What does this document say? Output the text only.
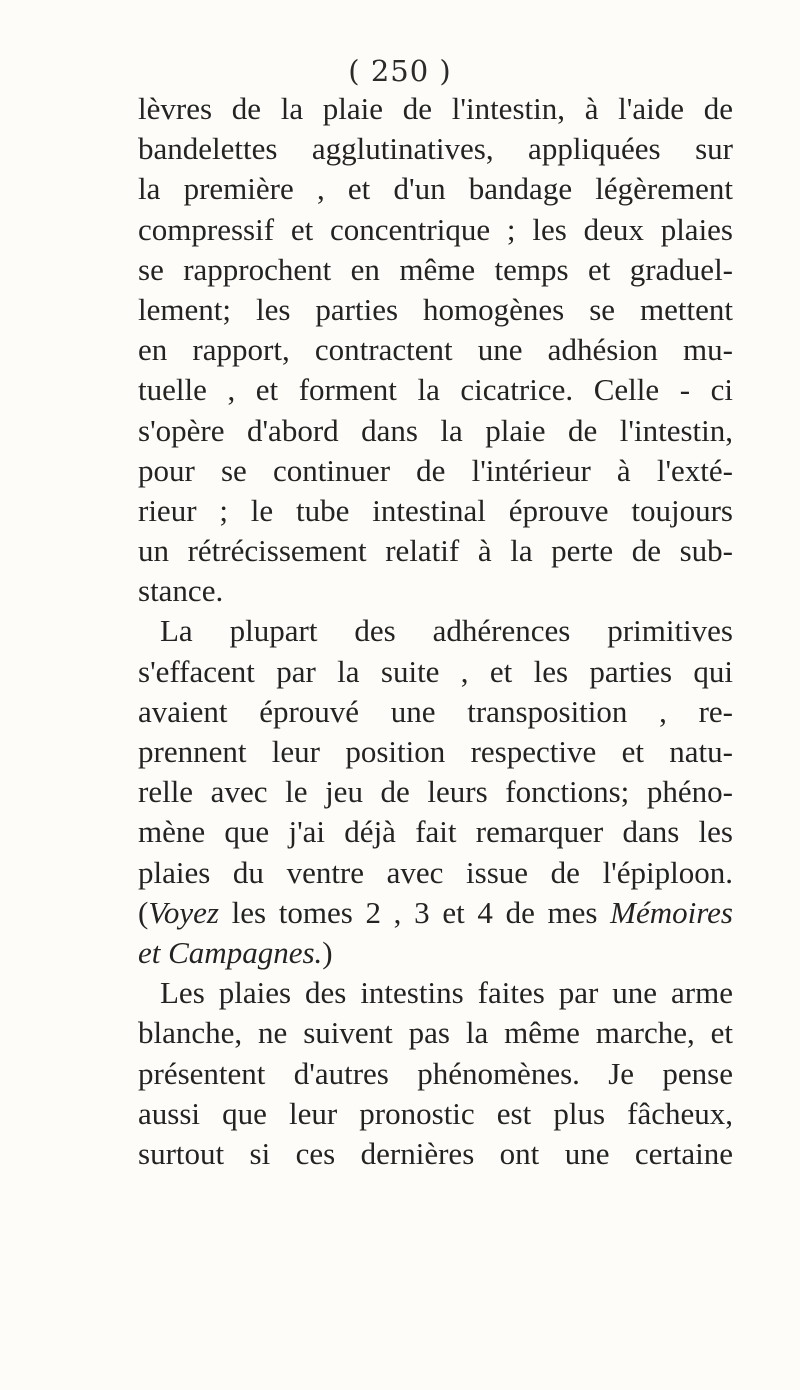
( 250 )
lèvres de la plaie de l'intestin, à l'aide de
bandelettes agglutinatives, appliquées sur
la première , et d'un bandage légèrement
compressif et concentrique ; les deux plaies
se rapprochent en même temps et graduel-
lement; les parties homogènes se mettent
en rapport, contractent une adhésion mu-
tuelle , et forment la cicatrice. Celle - ci
s'opère d'abord dans la plaie de l'intestin,
pour se continuer de l'intérieur à l'exté-
rieur ; le tube intestinal éprouve toujours
un rétrécissement relatif à la perte de sub-
stance.
La plupart des adhérences primitives
s'effacent par la suite , et les parties qui
avaient éprouvé une transposition , re-
prennent leur position respective et natu-
relle avec le jeu de leurs fonctions; phéno-
mène que j'ai déjà fait remarquer dans les
plaies du ventre avec issue de l'épiploon.
(Voyez les tomes 2 , 3 et 4 de mes Mémoires
et Campagnes.)
Les plaies des intestins faites par une arme
blanche, ne suivent pas la même marche, et
présentent d'autres phénomènes. Je pense
aussi que leur pronostic est plus fâcheux,
surtout si ces dernières ont une certaine
